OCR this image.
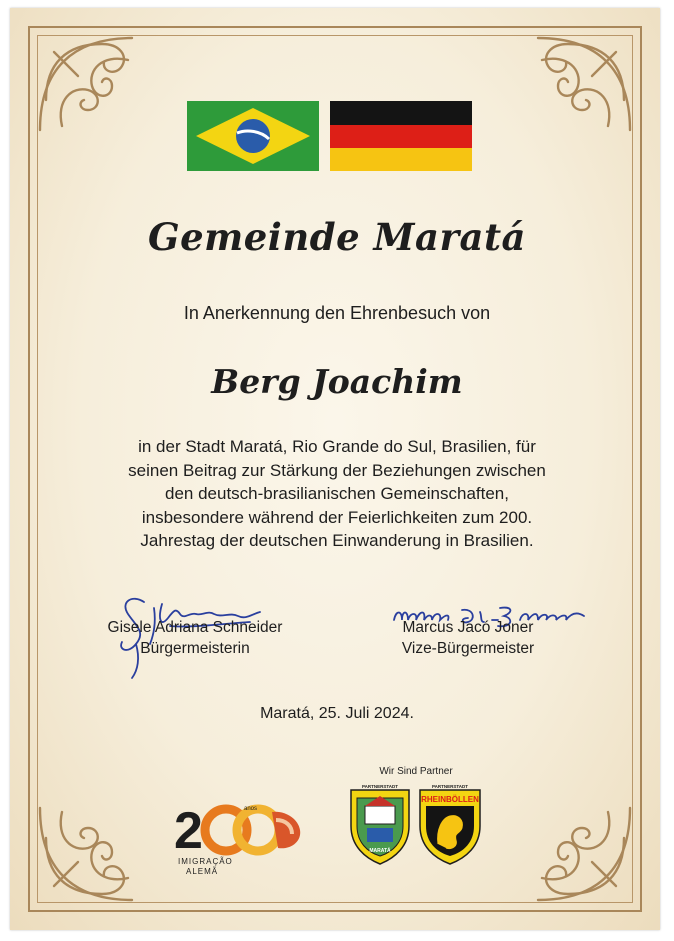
Gemeinde Maratá
In Anerkennung den Ehrenbesuch von
Berg Joachim
in der Stadt Maratá, Rio Grande do Sul, Brasilien, für
seinen Beitrag zur Stärkung der Beziehungen zwischen
den deutsch-brasilianischen Gemeinschaften,
insbesondere während der Feierlichkeiten zum 200.
Jahrestag der deutschen Einwanderung in Brasilien.
Gisele Adriana Schneider
Bürgermeisterin
Marcus Jacó Joner
Vize-Bürgermeister
Maratá, 25. Juli 2024.
2	anos
IMIGRAÇÃO
ALEMÃ
Wir Sind Partner
PARTNERSTADT
MARATÁ
PARTNERSTADT
RHEINBÖLLEN
